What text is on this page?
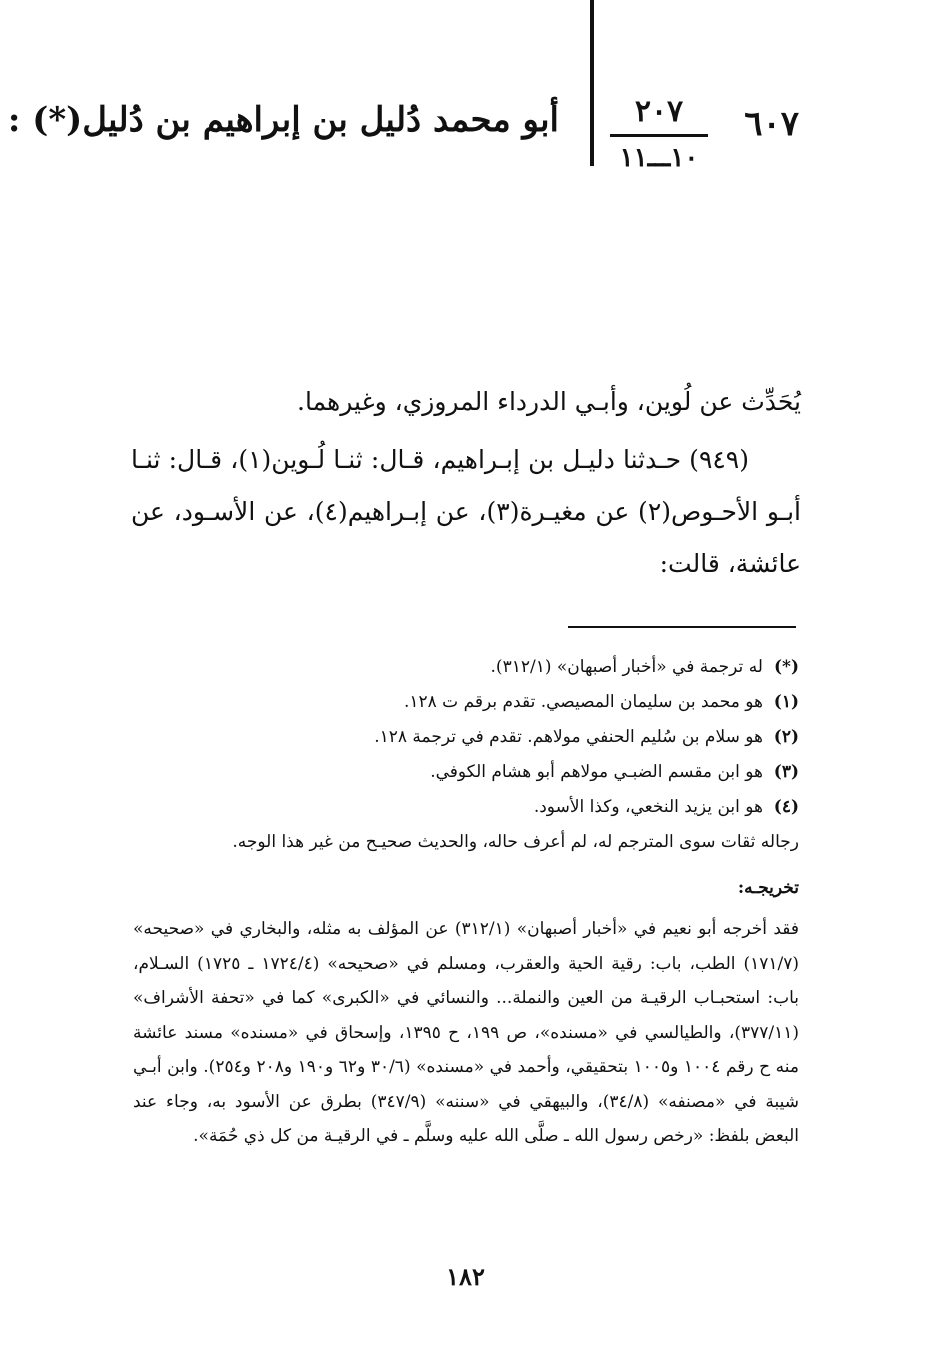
٦٠٧
٢٠٧
١٠ـــ١١
أبو محمد دُليل بن إبراهيم بن دُليل(*) :
يُحَدِّث عن لُوين، وأبـي الدرداء المروزي، وغيرهما.

(٩٤٩) حـدثنا دليـل بن إبـراهيم، قـال: ثنـا لُـوين(١)، قـال: ثنـا أبـو الأحـوص(٢) عن مغيـرة(٣)، عن إبـراهيم(٤)، عن الأسـود، عن عائشة، قالت:

(*)
له ترجمة في «أخبار أصبهان» (٣١٢/١).
(١)
هو محمد بن سليمان المصيصي. تقدم برقم ت ١٢٨.
(٢)
هو سلام بن سُليم الحنفي مولاهم. تقدم في ترجمة ١٢٨.
(٣)
هو ابن مقسم الضبـي مولاهم أبو هشام الكوفي.
(٤)
هو ابن يزيد النخعي، وكذا الأسود.
رجاله ثقات سوى المترجم له، لم أعرف حاله، والحديث صحيـح من غير هذا الوجه.
تخريجـه:
فقد أخرجه أبو نعيم في «أخبار أصبهان» (٣١٢/١) عن المؤلف به مثله، والبخاري في «صحيحه» (١٧١/٧) الطب، باب: رقية الحية والعقرب، ومسلم في «صحيحه» (١٧٢٤/٤ ـ ١٧٢٥) السـلام، باب: استحبـاب الرقيـة من العين والنملة... والنسائي في «الكبرى» كما في «تحفة الأشراف» (٣٧٧/١١)، والطيالسي في «مسنده»، ص ١٩٩، ح ١٣٩٥، وإسحاق في «مسنده» مسند عائشة منه ح رقم ١٠٠٤ و١٠٠٥ بتحقيقي، وأحمد في «مسنده» (٣٠/٦ و٦٢ و١٩٠ و٢٠٨ و٢٥٤). وابن أبـي شيبة في «مصنفه» (٣٤/٨)، والبيهقي في «سننه» (٣٤٧/٩) بطرق عن الأسود به، وجاء عند البعض بلفظ: «رخص رسول الله ـ صلَّى الله عليه وسلَّم ـ في الرقيـة من كل ذي حُمَة».
١٨٢
